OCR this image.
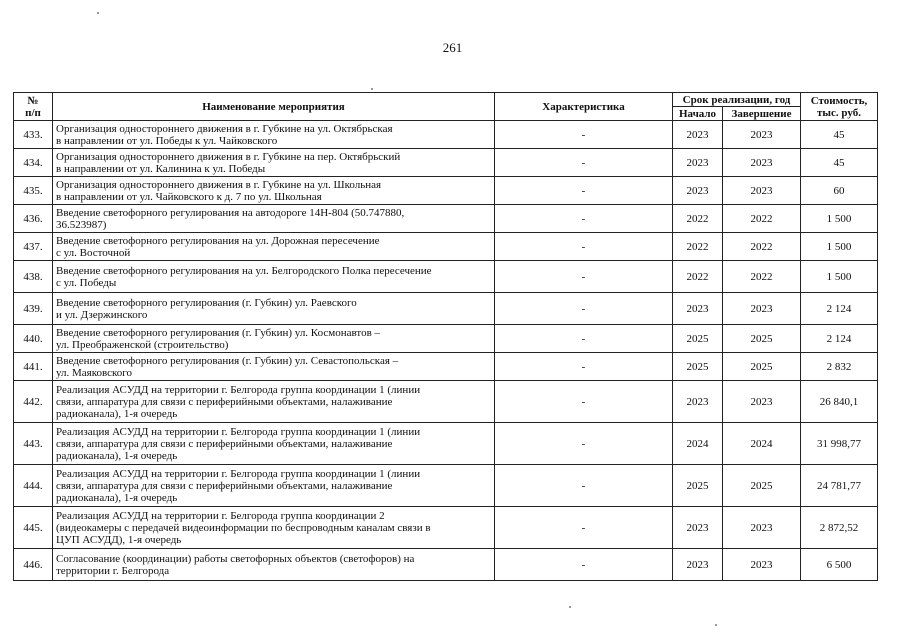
261
№
п/п	Наименование мероприятия	Характеристика	Срок реализации, год		Стоимость,
тыс. руб.
			Начало	Завершение	
433.	Организация одностороннего движения в г. Губкине на ул. Октябрьская
в направлении от ул. Победы к ул. Чайковского	-	2023	2023	45
434.	Организация одностороннего движения в г. Губкине на пер. Октябрьский
в направлении от ул. Калинина к ул. Победы	-	2023	2023	45
435.	Организация одностороннего движения в г. Губкине на ул. Школьная
в направлении от ул. Чайковского к д. 7 по ул. Школьная	-	2023	2023	60
436.	Введение светофорного регулирования на автодороге 14Н-804 (50.747880,
36.523987)	-	2022	2022	1 500
437.	Введение светофорного регулирования на ул. Дорожная пересечение
с ул. Восточной	-	2022	2022	1 500
438.	Введение светофорного регулирования на ул. Белгородского Полка пересечение
с ул. Победы	-	2022	2022	1 500
439.	Введение светофорного регулирования (г. Губкин) ул. Раевского
и ул. Дзержинского	-	2023	2023	2 124
440.	Введение светофорного регулирования (г. Губкин) ул. Космонавтов –
ул. Преображенской (строительство)	-	2025	2025	2 124
441.	Введение светофорного регулирования (г. Губкин) ул. Севастопольская –
ул. Маяковского	-	2025	2025	2 832
442.	Реализация АСУДД на территории г. Белгорода группа координации 1 (линии
связи, аппаратура для связи с периферийными объектами, налаживание
радиоканала), 1-я очередь	-	2023	2023	26 840,1
443.	Реализация АСУДД на территории г. Белгорода группа координации 1 (линии
связи, аппаратура для связи с периферийными объектами, налаживание
радиоканала), 1-я очередь	-	2024	2024	31 998,77
444.	Реализация АСУДД на территории г. Белгорода группа координации 1 (линии
связи, аппаратура для связи с периферийными объектами, налаживание
радиоканала), 1-я очередь	-	2025	2025	24 781,77
445.	Реализация АСУДД на территории г. Белгорода группа координации 2
(видеокамеры с передачей видеоинформации по беспроводным каналам связи в
ЦУП АСУДД), 1-я очередь	-	2023	2023	2 872,52
446.	Согласование (координации) работы светофорных объектов (светофоров) на
территории г. Белгорода	-	2023	2023	6 500
